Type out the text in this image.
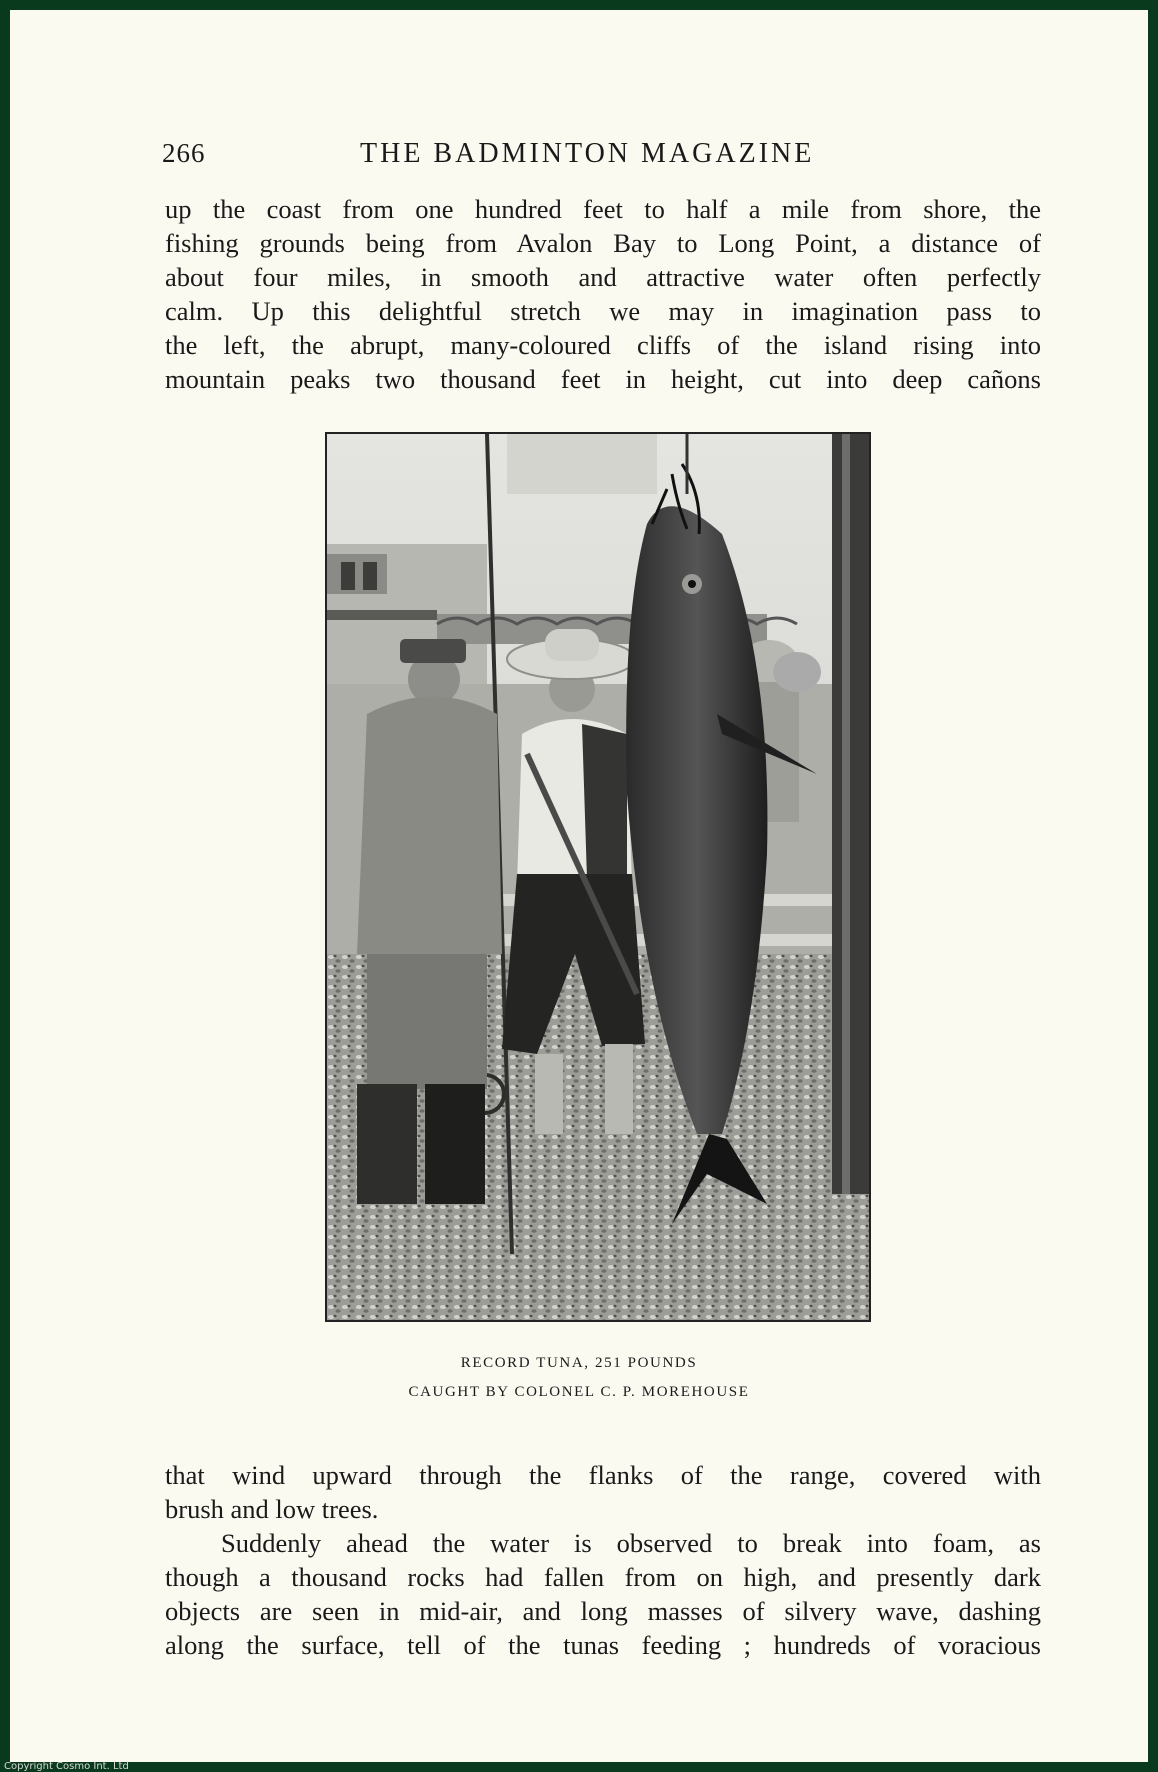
266	THE BADMINTON MAGAZINE
up the coast from one hundred feet to half a mile from shore, the
fishing grounds being from Avalon Bay to Long Point, a distance of
about four miles, in smooth and attractive water often perfectly
calm. Up this delightful stretch we may in imagination pass to
the left, the abrupt, many-coloured cliffs of the island rising into
mountain peaks two thousand feet in height, cut into deep cañons
RECORD TUNA, 251 POUNDS
CAUGHT BY COLONEL C. P. MOREHOUSE
that wind upward through the flanks of the range, covered with
brush and low trees.
Suddenly ahead the water is observed to break into foam, as
though a thousand rocks had fallen from on high, and presently dark
objects are seen in mid-air, and long masses of silvery wave, dashing
along the surface, tell of the tunas feeding ; hundreds of voracious
Copyright Cosmo Int. Ltd
